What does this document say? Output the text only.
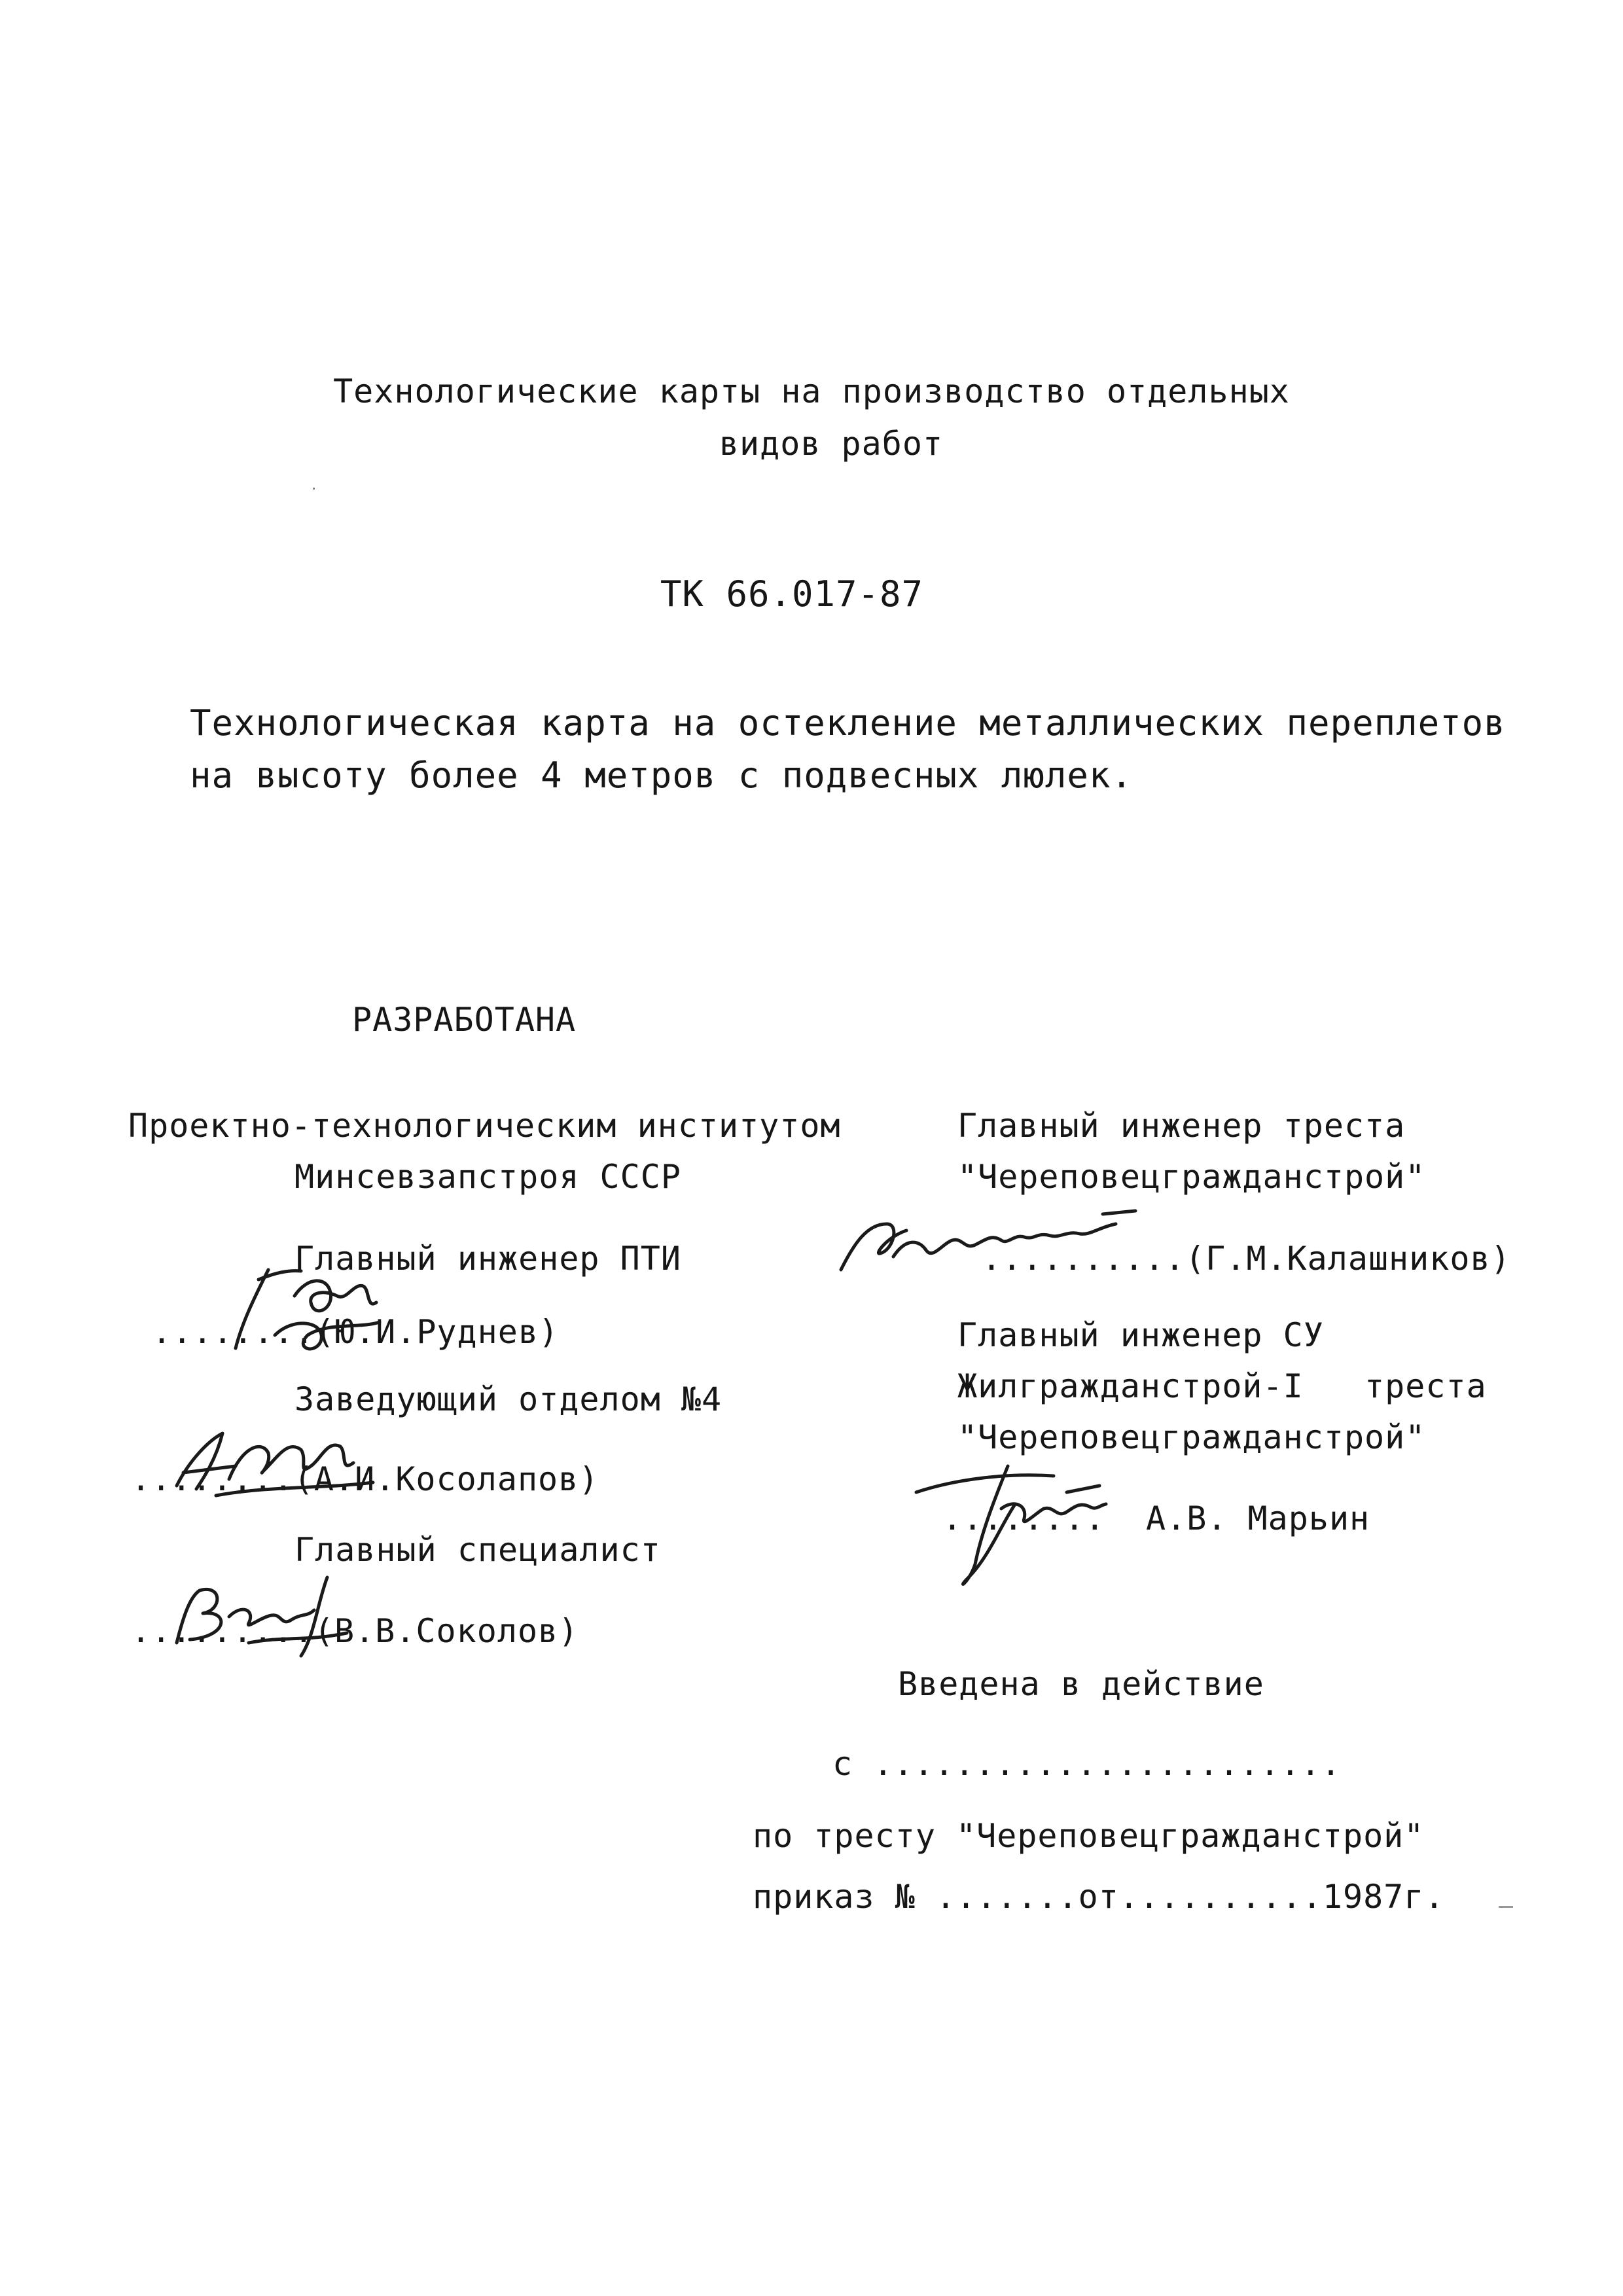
Технологические карты на производство отдельных
видов работ
ТК 66.017-87
Технологическая карта на остекление металлических переплетов
на высоту более 4 метров с подвесных люлек.
РАЗРАБОТАНА
Проектно-технологическим институтом
Минсевзапстроя СССР
Главный инженер ПТИ
........(Ю.И.Руднев)
Заведующий отделом №4
........(А.И.Косолапов)
Главный специалист
.........(В.В.Соколов)
Главный инженер треста
"Череповецгражданстрой"
..........(Г.М.Калашников)
Главный инженер СУ
Жилгражданстрой-I   треста
"Череповецгражданстрой"
........  А.В. Марьин
Введена в действие
с .......................
по тресту "Череповецгражданстрой"
приказ № .......от..........1987г.
